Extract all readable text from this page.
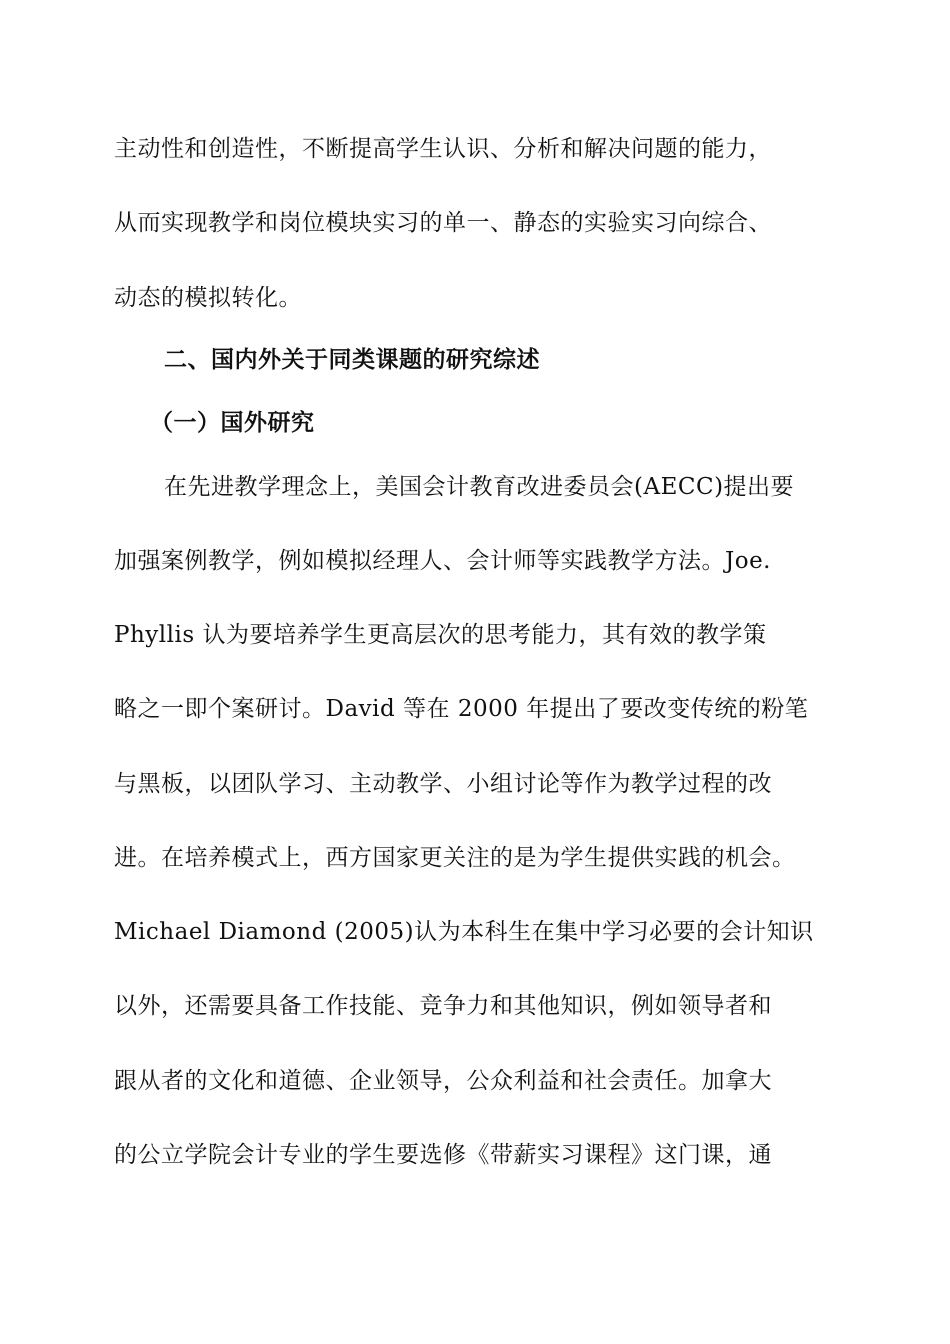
主动性和创造性，不断提高学生认识、分析和解决问题的能力，
从而实现教学和岗位模块实习的单一、静态的实验实习向综合、
动态的模拟转化。
二、国内外关于同类课题的研究综述
（一）国外研究
在先进教学理念上，美国会计教育改进委员会(AECC)提出要
加强案例教学，例如模拟经理人、会计师等实践教学方法。Joe.
Phyllis 认为要培养学生更高层次的思考能力，其有效的教学策
略之一即个案研讨。David 等在 2000 年提出了要改变传统的粉笔
与黑板，以团队学习、主动教学、小组讨论等作为教学过程的改
进。在培养模式上，西方国家更关注的是为学生提供实践的机会。
Michael Diamond (2005)认为本科生在集中学习必要的会计知识
以外，还需要具备工作技能、竞争力和其他知识，例如领导者和
跟从者的文化和道德、企业领导，公众利益和社会责任。加拿大
的公立学院会计专业的学生要选修《带薪实习课程》这门课，通
